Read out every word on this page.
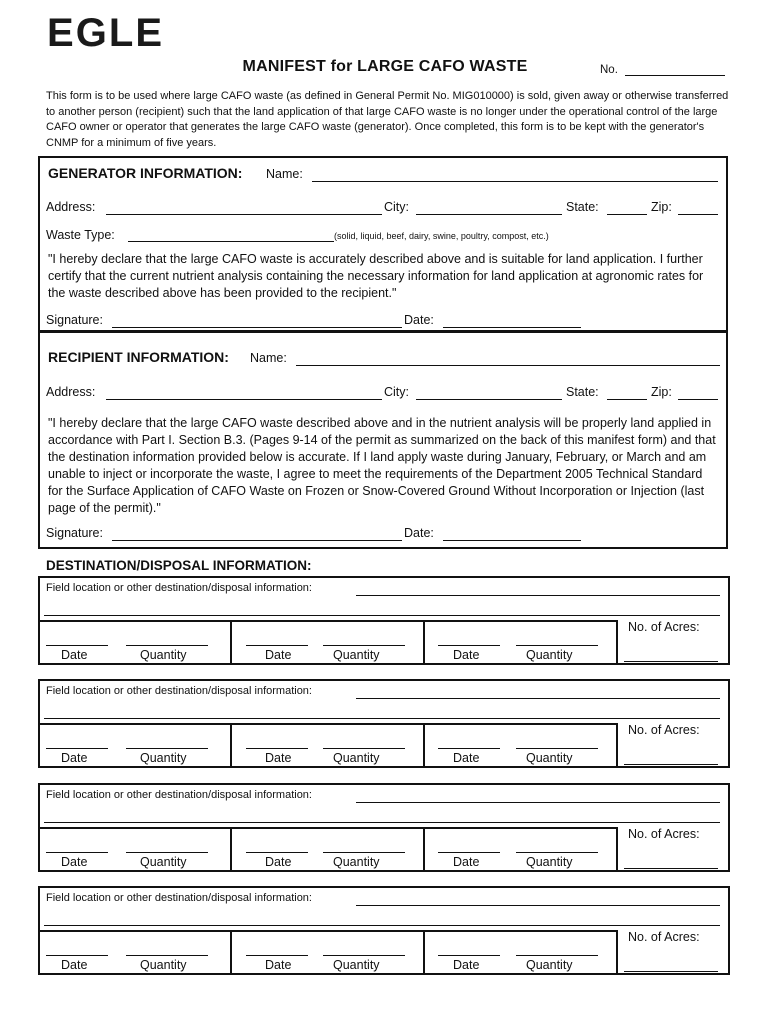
EGLE
MANIFEST for LARGE CAFO WASTE	No.
This form is to be used where large CAFO waste (as defined in General Permit No. MIG010000) is sold, given away or otherwise transferred to another person (recipient) such that the land application of that large CAFO waste is no longer under the operational control of the large CAFO owner or operator that generates the large CAFO waste (generator). Once completed, this form is to be kept with the generator's CNMP for a minimum of five years.
GENERATOR INFORMATION: Name:
Address:	City:	State:	Zip:
Waste Type:	(solid, liquid, beef, dairy, swine, poultry, compost, etc.)
"I hereby declare that the large CAFO waste is accurately described above and is suitable for land application. I further certify that the current nutrient analysis containing the necessary information for land application at agronomic rates for the waste described above has been provided to the recipient."
Signature:	Date:
RECIPIENT INFORMATION: Name:
Address:	City:	State:	Zip:
"I hereby declare that the large CAFO waste described above and in the nutrient analysis will be properly land applied in accordance with Part I. Section B.3. (Pages 9-14 of the permit as summarized on the back of this manifest form) and that the destination information provided below is accurate. If I land apply waste during January, February, or March and am unable to inject or incorporate the waste, I agree to meet the requirements of the Department 2005 Technical Standard for the Surface Application of CAFO Waste on Frozen or Snow-Covered Ground Without Incorporation or Injection (last page of the permit)."
Signature:	Date:
DESTINATION/DISPOSAL INFORMATION:
Field location or other destination/disposal information:
Date	Quantity	Date	Quantity	Date	Quantity
No. of Acres:
Field location or other destination/disposal information:
Date	Quantity	Date	Quantity	Date	Quantity
No. of Acres:
Field location or other destination/disposal information:
Date	Quantity	Date	Quantity	Date	Quantity
No. of Acres:
Field location or other destination/disposal information:
Date	Quantity	Date	Quantity	Date	Quantity
No. of Acres:
